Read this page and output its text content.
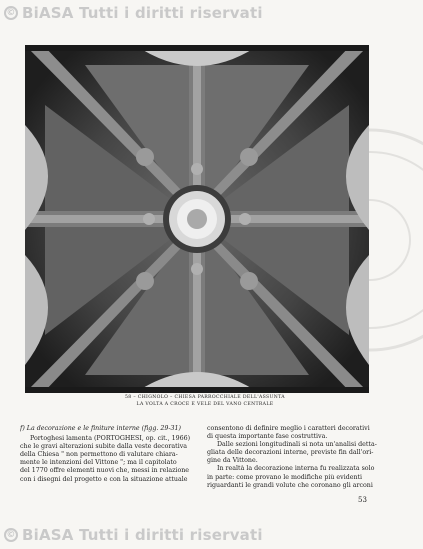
© BiASA Tutti i diritti riservati
58 – CHIGNOLO – CHIESA PARROCCHIALE DELL'ASSUNTA
LA VOLTA A CROCE E VELE DEL VANO CENTRALE
f) La decorazione e le finiture interne (figg. 29-31)
Portoghesi lamenta (PORTOGHESI, op. cit., 1966)
che le gravi alterazioni subite dalla veste decorativa
della Chiesa " non permettono di valutare chiara-
mente le intenzioni del Vittone "; ma il capitolato
del 1770 offre elementi nuovi che, messi in relazione
con i disegni del progetto e con la situazione attuale
consentono di definire meglio i caratteri decorativi
di questa importante fase costruttiva.
Dalle sezioni longitudinali si nota un'analisi detta-
gliata delle decorazioni interne, previste fin dall'ori-
gine da Vittone.
In realtà la decorazione interna fu realizzata solo
in parte: come provano le modifiche più evidenti
riguardanti le grandi volute che coronano gli arconi
53
© BiASA Tutti i diritti riservati
